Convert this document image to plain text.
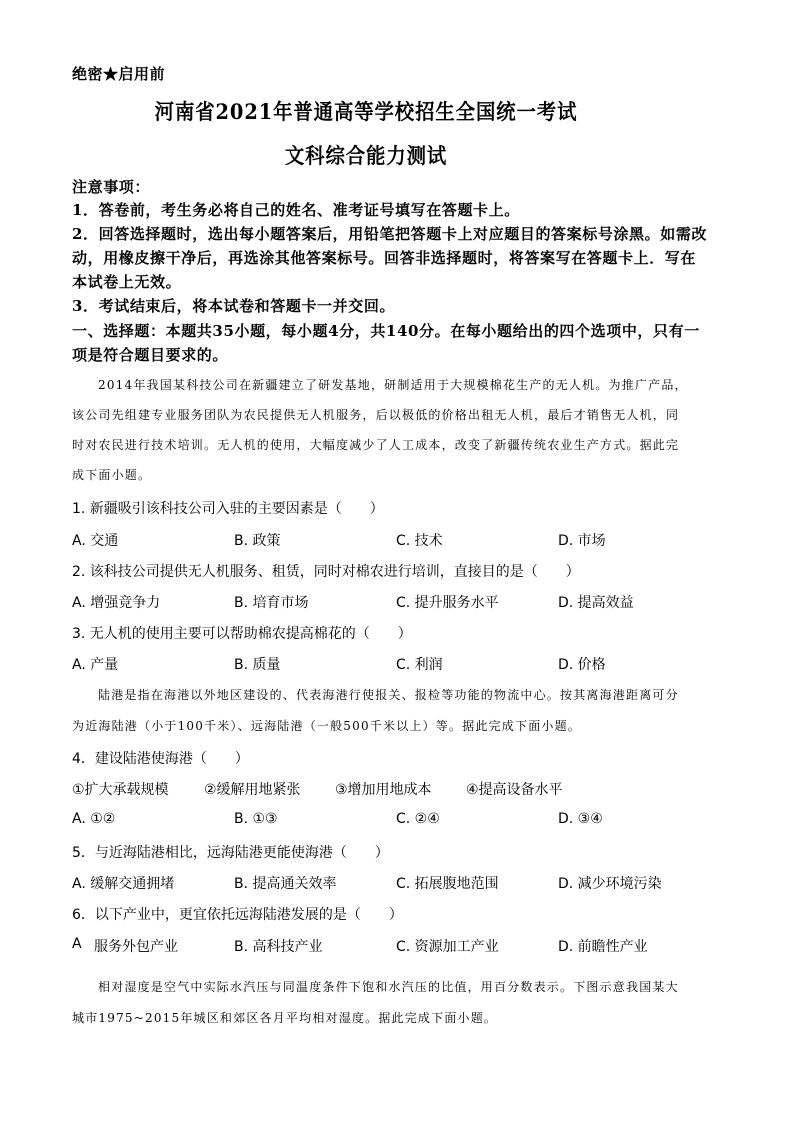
绝密★启用前
河南省2021年普通高等学校招生全国统一考试
文科综合能力测试
注意事项：
1．答卷前，考生务必将自己的姓名、准考证号填写在答题卡上。
2．回答选择题时，选出每小题答案后，用铅笔把答题卡上对应题目的答案标号涂黑。如需改
动，用橡皮擦干净后，再选涂其他答案标号。回答非选择题时，将答案写在答题卡上．写在
本试卷上无效。
3．考试结束后，将本试卷和答题卡一并交回。
一、选择题：本题共35小题，每小题4分，共140分。在每小题给出的四个选项中，只有一
项是符合题目要求的。
2014年我国某科技公司在新疆建立了研发基地，研制适用于大规模棉花生产的无人机。为推广产品，
该公司先组建专业服务团队为农民提供无人机服务，后以极低的价格出租无人机，最后才销售无人机，同
时对农民进行技术培训。无人机的使用，大幅度减少了人工成本，改变了新疆传统农业生产方式。据此完
成下面小题。
1. 新疆吸引该科技公司入驻的主要因素是（　　）
A. 交通	B. 政策	C. 技术	D. 市场
2. 该科技公司提供无人机服务、租赁，同时对棉农进行培训，直接目的是（　　）
A. 增强竞争力	B. 培育市场	C. 提升服务水平	D. 提高效益
3. 无人机的使用主要可以帮助棉农提高棉花的（　　）
A. 产量	B. 质量	C. 利润	D. 价格
陆港是指在海港以外地区建设的、代表海港行使报关、报检等功能的物流中心。按其离海港距离可分
为近海陆港（小于100千米）、远海陆港（一般500千米以上）等。据此完成下面小题。
4．建设陆港使海港（　　）
①扩大承载规模	②缓解用地紧张 ③增加用地成本 ④提高设备水平
A. ①②	B. ①③	C. ②④	D. ③④
5．与近海陆港相比，远海陆港更能使海港（　　）
A. 缓解交通拥堵	B. 提高通关效率	C. 拓展腹地范围	D. 减少环境污染
6．以下产业中，更宜依托远海陆港发展的是（　　）
A 服务外包产业	B. 高科技产业	C. 资源加工产业	D. 前瞻性产业
相对湿度是空气中实际水汽压与同温度条件下饱和水汽压的比值，用百分数表示。下图示意我国某大
城市1975~2015年城区和郊区各月平均相对湿度。据此完成下面小题。
